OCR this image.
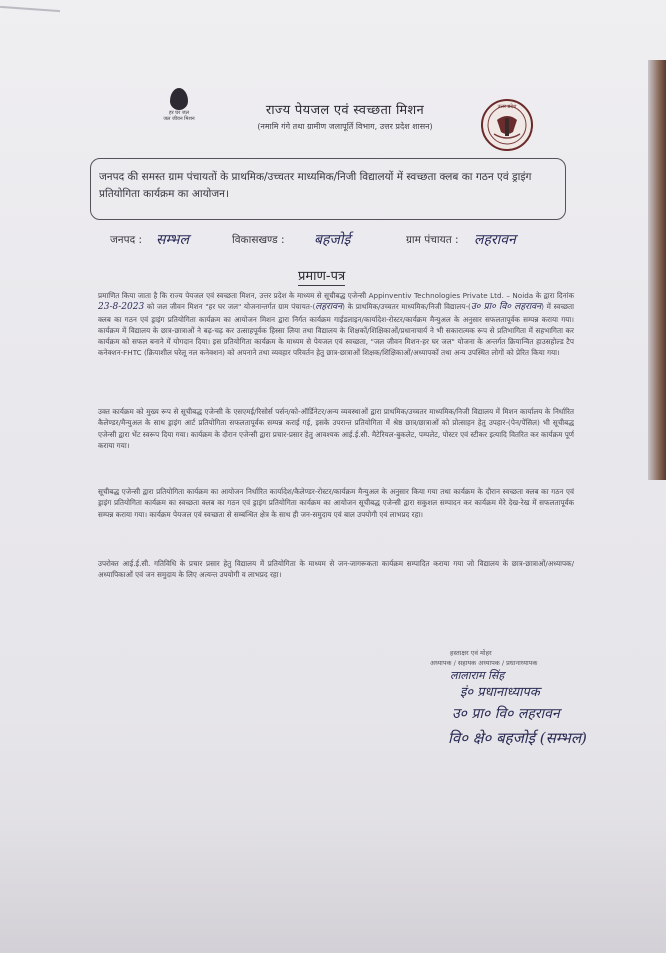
हर घर जल
जल जीवन मिशन
राज्य पेयजल एवं स्वच्छता मिशन
(नमामि गंगे तथा ग्रामीण जलापूर्ति विभाग, उत्तर प्रदेश शासन)
उत्तर प्रदेश
जनपद की समस्त ग्राम पंचायतों के प्राथमिक/उच्चतर माध्यमिक/निजी विद्यालयों में स्वच्छता क्लब का गठन एवं ड्राइंग प्रतियोगिता कार्यक्रम का आयोजन।
जनपद : सम्भल	विकासखण्ड : बहजोई	ग्राम पंचायत : लहरावन
प्रमाण-पत्र
प्रमाणित किया जाता है कि राज्य पेयजल एवं स्वच्छता मिशन, उत्तर प्रदेश के माध्यम से सूचीबद्ध एजेन्सी Appinventiv Technologies Private Ltd. – Noida के द्वारा दिनांक 23-8-2023 को जल जीवन मिशन "हर घर जल" योजनान्तर्गत ग्राम पंचायत-(लहरावन) के प्राथमिक/उच्चतर माध्यमिक/निजी विद्यालय-(उ० प्रा० वि० लहरावन) में स्वच्छता क्लब का गठन एवं ड्राइंग प्रतियोगिता कार्यक्रम का आयोजन मिशन द्वारा निर्गत कार्यक्रम गाईडलाइन/कार्यादेश-रोस्टर/कार्यक्रम मैन्युअल के अनुसार सफलतापूर्वक सम्पन्न कराया गया। कार्यक्रम में विद्यालय के छात्र-छात्राओं ने बढ़-चढ़ कर उत्साहपूर्वक हिस्सा लिया तथा विद्यालय के शिक्षकों/शिक्षिकाओं/प्रधानाचार्य ने भी सकारात्मक रूप से प्रतिभागिता में सहभागिता कर कार्यक्रम को सफल बनाने में योगदान दिया। इस प्रतियोगिता कार्यक्रम के माध्यम से पेयजल एवं स्वच्छता, "जल जीवन मिशन-हर घर जल" योजना के अन्तर्गत क्रियान्वित हाउसहोल्ड टैप कनेक्शन-FHTC (क्रियाशील घरेलू नल कनेक्शन) को अपनाने तथा व्यवहार परिवर्तन हेतु छात्र-छात्राओं शिक्षक/शिक्षिकाओं/अध्यापकों तथा अन्य उपस्थित लोगों को प्रेरित किया गया।
उक्त कार्यक्रम को मुख्य रूप से सूचीबद्ध एजेन्सी के एसएमई/रिसोर्स पर्सन/को-ऑर्डिनेटर/अन्य व्यवस्थाओं द्वारा प्राथमिक/उच्चतर माध्यमिक/निजी विद्यालय में मिशन कार्यालय के निर्धारित कैलेण्डर/मैन्युअल के साथ ड्राइंग आर्ट प्रतियोगिता सफलतापूर्वक सम्पन्न कराई गई, इसके उपरान्त प्रतियोगिता में श्रेष्ठ छात्र/छात्राओं को प्रोत्साहन हेतु उपहार-(पेन/पेंसिल) भी सूचीबद्ध एजेन्सी द्वारा भेंट स्वरूप दिया गया। कार्यक्रम के दौरान एजेन्सी द्वारा प्रचार-प्रसार हेतु आवश्यक आई.ई.सी. मैटेरियल-बुकलेट, पम्पलेट, पोस्टर एवं स्टीकर इत्यादि वितरित कर कार्यक्रम पूर्ण कराया गया।
सूचीबद्ध एजेन्सी द्वारा प्रतियोगिता कार्यक्रम का आयोजन निर्धारित कार्यादेश/कैलेण्डर-रोस्टर/कार्यक्रम मैन्युअल के अनुसार किया गया तथा कार्यक्रम के दौरान स्वच्छता क्लब का गठन एवं ड्राइंग प्रतियोगिता कार्यक्रम का स्वच्छता क्लब का गठन एवं ड्राइंग प्रतियोगिता कार्यक्रम का आयोजन सूचीबद्ध एजेन्सी द्वारा सकुशल सम्पादन कर कार्यक्रम मेरे देख-रेख में सफलतापूर्वक सम्पन्न कराया गया। कार्यक्रम पेयजल एवं स्वच्छता से सम्बन्धित क्षेत्र के साथ ही जन-समुदाय एवं बाल उपयोगी एवं लाभप्रद रहा।
उपरोक्त आई.ई.सी. गतिविधि के प्रचार प्रसार हेतु विद्यालय में प्रतियोगिता के माध्यम से जन-जागरूकता कार्यक्रम सम्पादित कराया गया जो विद्यालय के छात्र-छात्राओं/अध्यापक/अध्यापिकाओं एवं जन समुदाय के लिए अत्यन्त उपयोगी व लाभप्रद रहा।
हस्ताक्षर एवं मोहर
अध्यापक / सहायक अध्यापक / प्रधानाध्यापक
लालाराम सिंह
इं० प्रधानाध्यापक
उ० प्रा० वि० लहरावन
वि० क्षे० बहजोई (सम्भल)
